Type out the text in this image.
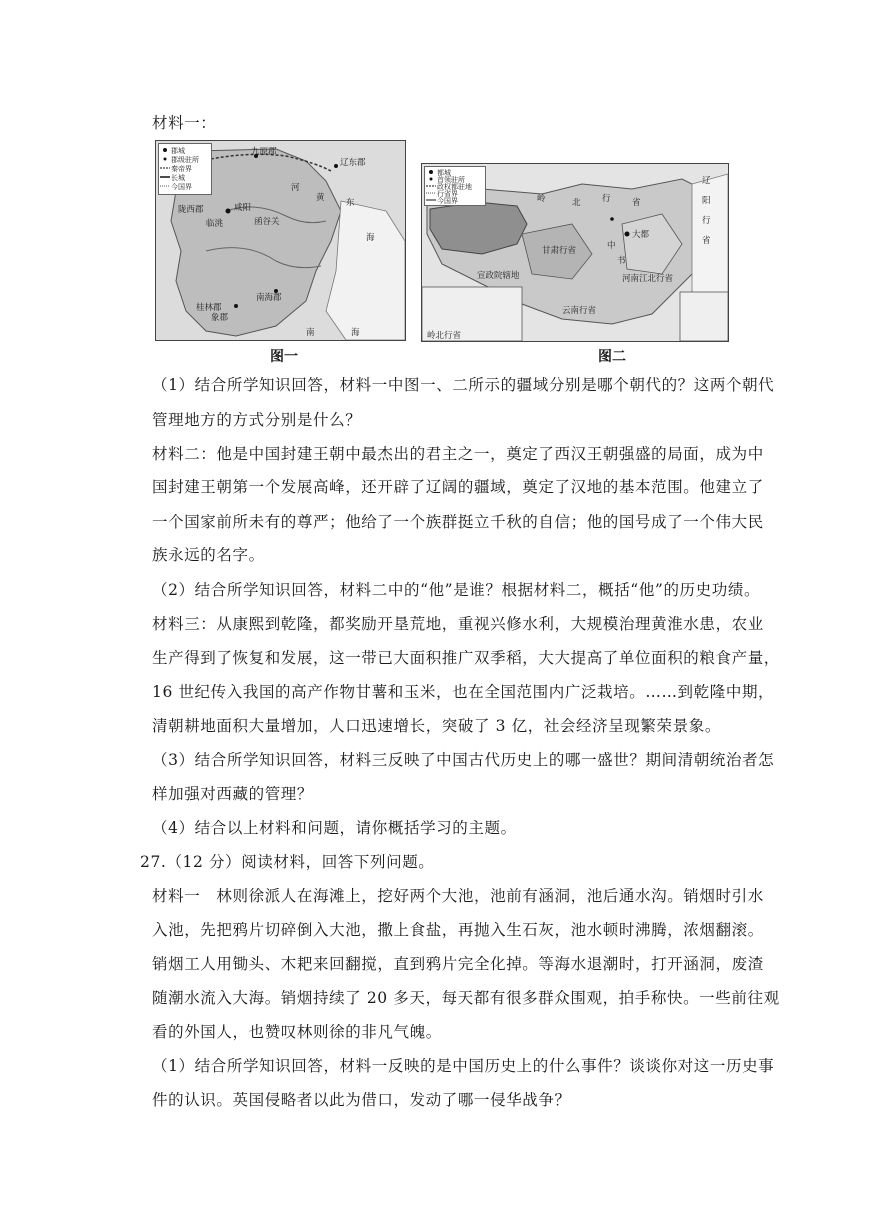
材料一：
郡城
郡级驻所
秦帝界
长城
今国界
九原郡
辽东郡
陇西郡	咸阳
临洮	函谷关
桂林郡
南海郡
象郡
东
海
南	海
黄
河
图一
都城
首领驻所
政权都驻地
行省界
今国界
辽
阳
行
省
岭	北	行	省
甘肃行省
大都
中
书
宣政院辖地	河南江北行省
云南行省
岭北行省
图二
（1）结合所学知识回答，材料一中图一、二所示的疆域分别是哪个朝代的？这两个朝代
管理地方的方式分别是什么？
材料二：他是中国封建王朝中最杰出的君主之一，奠定了西汉王朝强盛的局面，成为中
国封建王朝第一个发展高峰，还开辟了辽阔的疆域，奠定了汉地的基本范围。他建立了
一个国家前所未有的尊严；他给了一个族群挺立千秋的自信；他的国号成了一个伟大民
族永远的名字。
（2）结合所学知识回答，材料二中的“他”是谁？根据材料二，概括“他”的历史功绩。
材料三：从康熙到乾隆，都奖励开垦荒地，重视兴修水利，大规模治理黄淮水患，农业
生产得到了恢复和发展，这一带已大面积推广双季稻，大大提高了单位面积的粮食产量，
16 世纪传入我国的高产作物甘薯和玉米，也在全国范围内广泛栽培。……到乾隆中期，
清朝耕地面积大量增加，人口迅速增长，突破了 3 亿，社会经济呈现繁荣景象。
（3）结合所学知识回答，材料三反映了中国古代历史上的哪一盛世？期间清朝统治者怎
样加强对西藏的管理？
（4）结合以上材料和问题，请你概括学习的主题。
27.（12 分）阅读材料，回答下列问题。
材料一　林则徐派人在海滩上，挖好两个大池，池前有涵洞，池后通水沟。销烟时引水
入池，先把鸦片切碎倒入大池，撒上食盐，再抛入生石灰，池水顿时沸腾，浓烟翻滚。
销烟工人用锄头、木耙来回翻搅，直到鸦片完全化掉。等海水退潮时，打开涵洞，废渣
随潮水流入大海。销烟持续了 20 多天，每天都有很多群众围观，拍手称快。一些前往观
看的外国人，也赞叹林则徐的非凡气魄。
（1）结合所学知识回答，材料一反映的是中国历史上的什么事件？谈谈你对这一历史事
件的认识。英国侵略者以此为借口，发动了哪一侵华战争？
